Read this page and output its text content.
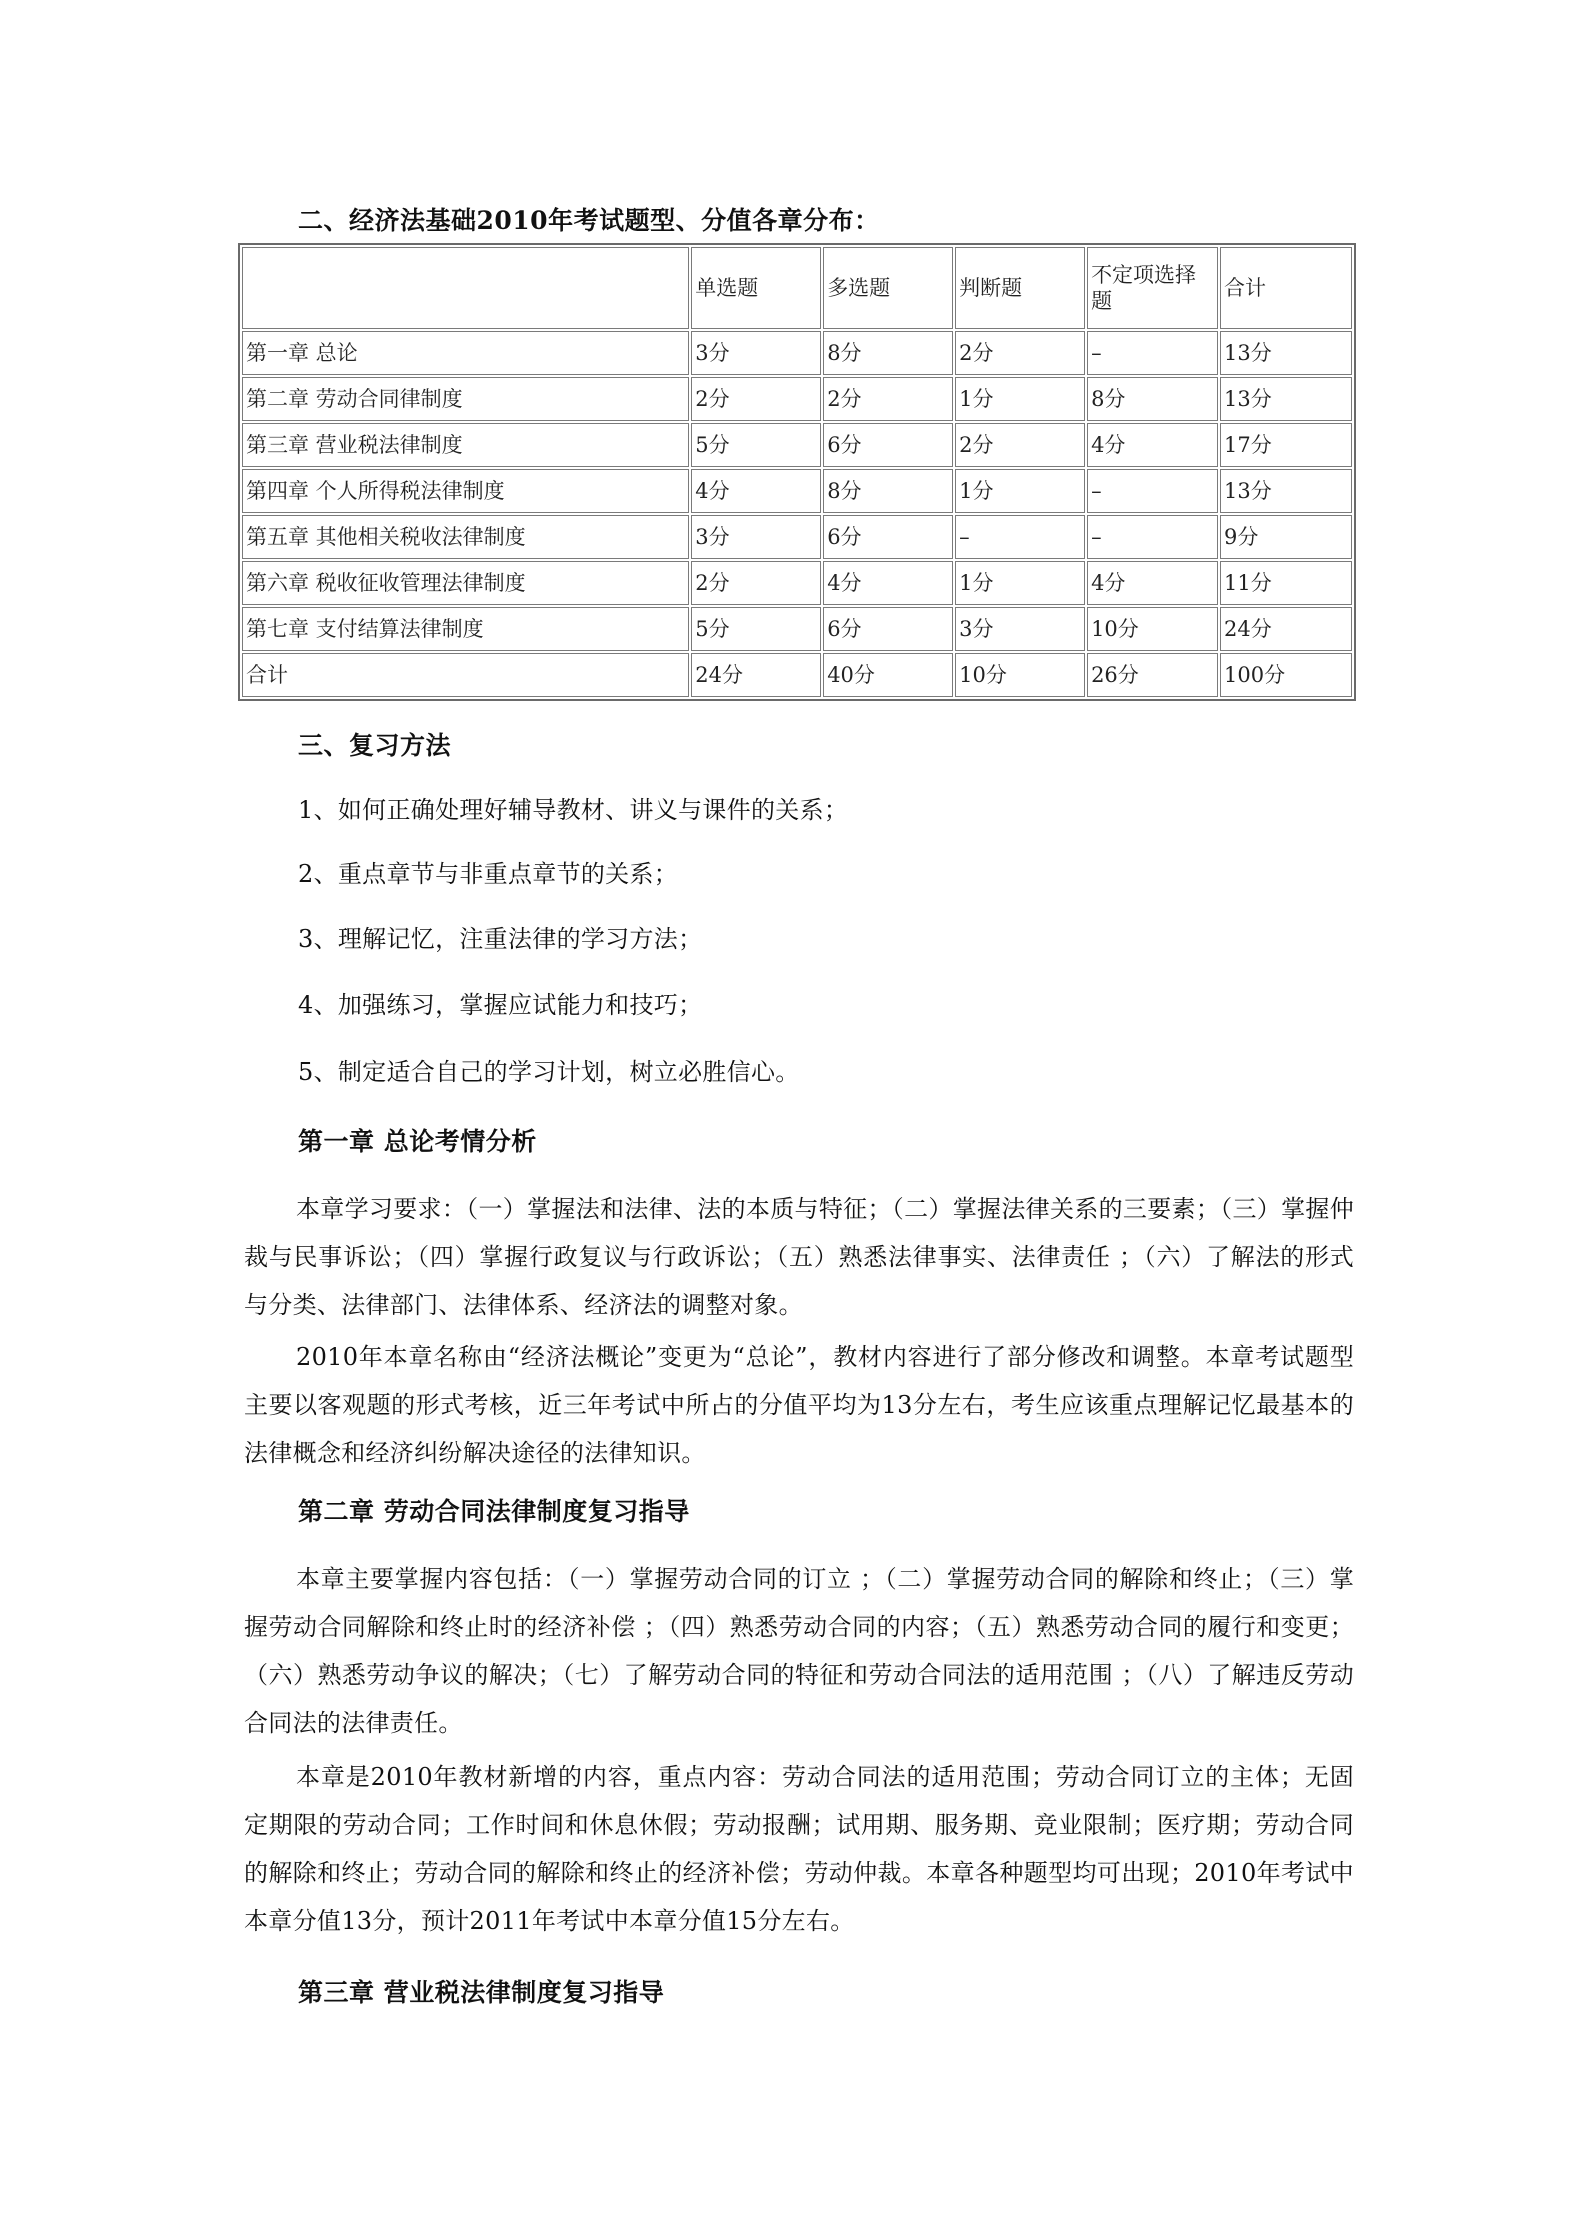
二、经济法基础2010年考试题型、分值各章分布：
	单选题	多选题	判断题	不定项选择题	合计
第一章 总论	3分	8分	2分	–	13分
第二章 劳动合同律制度	2分	2分	1分	8分	13分
第三章 营业税法律制度	5分	6分	2分	4分	17分
第四章 个人所得税法律制度	4分	8分	1分	–	13分
第五章 其他相关税收法律制度	3分	6分	–	–	9分
第六章 税收征收管理法律制度	2分	4分	1分	4分	11分
第七章 支付结算法律制度	5分	6分	3分	10分	24分
合计	24分	40分	10分	26分	100分
三、复习方法
1、如何正确处理好辅导教材、讲义与课件的关系；
2、重点章节与非重点章节的关系；
3、理解记忆，注重法律的学习方法；
4、加强练习，掌握应试能力和技巧；
5、制定适合自己的学习计划，树立必胜信心。
第一章 总论考情分析
本章学习要求：（一）掌握法和法律、法的本质与特征；（二）掌握法律关系的三要素；（三）掌握仲裁与民事诉讼；（四）掌握行政复议与行政诉讼；（五）熟悉法律事实、法律责任 ；（六）了解法的形式与分类、法律部门、法律体系、经济法的调整对象。
2010年本章名称由“经济法概论”变更为“总论”，教材内容进行了部分修改和调整。本章考试题型主要以客观题的形式考核，近三年考试中所占的分值平均为13分左右，考生应该重点理解记忆最基本的法律概念和经济纠纷解决途径的法律知识。
第二章 劳动合同法律制度复习指导
本章主要掌握内容包括：（一）掌握劳动合同的订立 ；（二）掌握劳动合同的解除和终止；（三）掌握劳动合同解除和终止时的经济补偿 ；（四）熟悉劳动合同的内容；（五）熟悉劳动合同的履行和变更；（六）熟悉劳动争议的解决；（七）了解劳动合同的特征和劳动合同法的适用范围 ；（八）了解违反劳动合同法的法律责任。
本章是2010年教材新增的内容，重点内容：劳动合同法的适用范围；劳动合同订立的主体；无固定期限的劳动合同；工作时间和休息休假；劳动报酬；试用期、服务期、竞业限制；医疗期；劳动合同的解除和终止；劳动合同的解除和终止的经济补偿；劳动仲裁。本章各种题型均可出现；2010年考试中本章分值13分，预计2011年考试中本章分值15分左右。
第三章 营业税法律制度复习指导
